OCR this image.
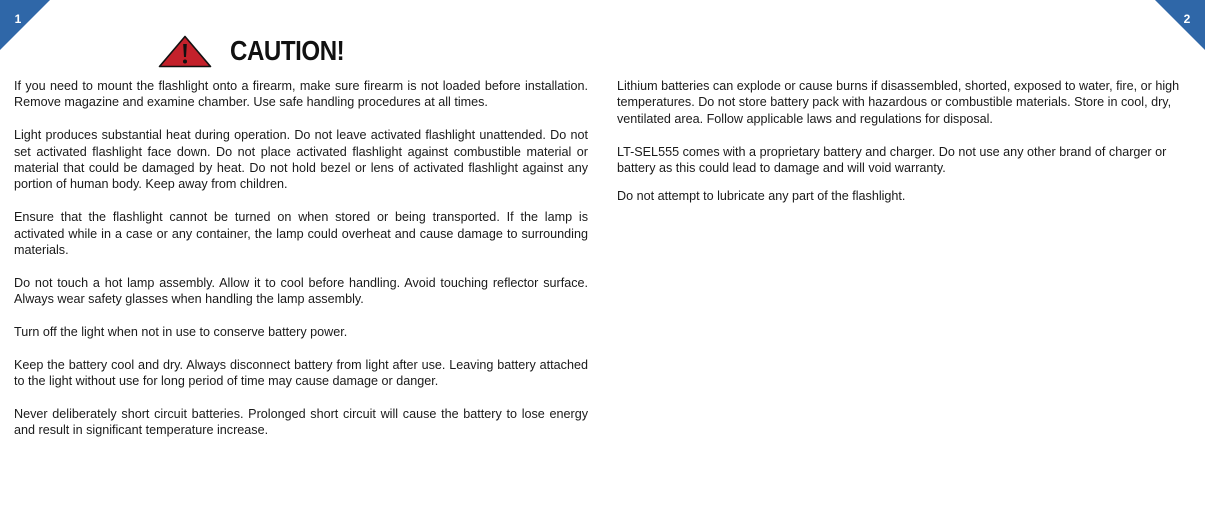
1	2
CAUTION!

If you need to mount the flashlight onto a firearm, make sure firearm is not loaded before installation. Remove magazine and examine chamber. Use safe handling procedures at all times.

Light produces substantial heat during operation. Do not leave activated flashlight unattended. Do not set activated flashlight face down. Do not place activated flashlight against combustible material or material that could be damaged by heat. Do not hold bezel or lens of activated flashlight against any portion of human body. Keep away from children.

Ensure that the flashlight cannot be turned on when stored or being transported. If the lamp is activated while in a case or any container, the lamp could overheat and cause damage to surrounding materials.

Do not touch a hot lamp assembly. Allow it to cool before handling. Avoid touching reflector surface. Always wear safety glasses when handling the lamp assembly.

Turn off the light when not in use to conserve battery power.

Keep the battery cool and dry. Always disconnect battery from light after use. Leaving battery attached to the light without use for long period of time may cause damage or danger.

Never deliberately short circuit batteries. Prolonged short circuit will cause the battery to lose energy and result in significant temperature increase.

Lithium batteries can explode or cause burns if disassembled, shorted, exposed to water, fire, or high temperatures. Do not store battery pack with hazardous or combustible materials. Store in cool, dry, ventilated area. Follow applicable laws and regulations for disposal.

LT-SEL555 comes with a proprietary battery and charger. Do not use any other brand of charger or battery as this could lead to damage and will void warranty.

Do not attempt to lubricate any part of the flashlight.
